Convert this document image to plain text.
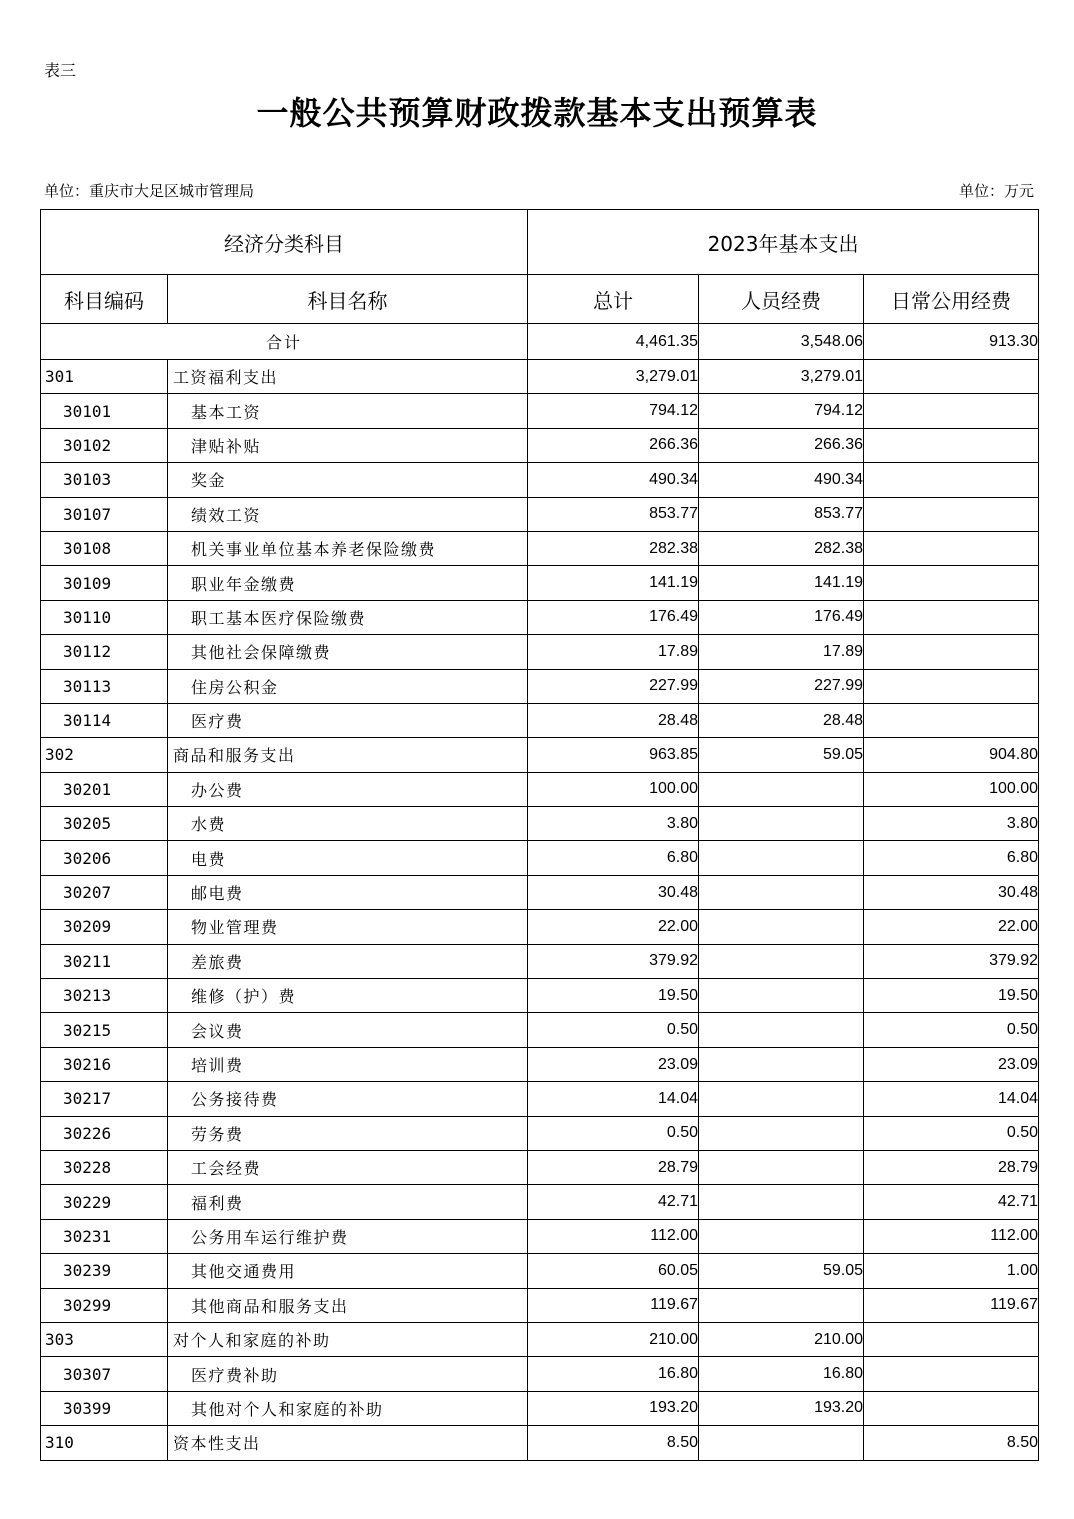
表三
一般公共预算财政拨款基本支出预算表
单位：重庆市大足区城市管理局	单位：万元
经济分类科目		2023年基本支出		
科目编码	科目名称	总计	人员经费	日常公用经费
合计		4,461.35	3,548.06	913.30
301	工资福利支出	3,279.01	3,279.01	
30101	基本工资	794.12	794.12	
30102	津贴补贴	266.36	266.36	
30103	奖金	490.34	490.34	
30107	绩效工资	853.77	853.77	
30108	机关事业单位基本养老保险缴费	282.38	282.38	
30109	职业年金缴费	141.19	141.19	
30110	职工基本医疗保险缴费	176.49	176.49	
30112	其他社会保障缴费	17.89	17.89	
30113	住房公积金	227.99	227.99	
30114	医疗费	28.48	28.48	
302	商品和服务支出	963.85	59.05	904.80
30201	办公费	100.00		100.00
30205	水费	3.80		3.80
30206	电费	6.80		6.80
30207	邮电费	30.48		30.48
30209	物业管理费	22.00		22.00
30211	差旅费	379.92		379.92
30213	维修（护）费	19.50		19.50
30215	会议费	0.50		0.50
30216	培训费	23.09		23.09
30217	公务接待费	14.04		14.04
30226	劳务费	0.50		0.50
30228	工会经费	28.79		28.79
30229	福利费	42.71		42.71
30231	公务用车运行维护费	112.00		112.00
30239	其他交通费用	60.05	59.05	1.00
30299	其他商品和服务支出	119.67		119.67
303	对个人和家庭的补助	210.00	210.00	
30307	医疗费补助	16.80	16.80	
30399	其他对个人和家庭的补助	193.20	193.20	
310	资本性支出	8.50		8.50
